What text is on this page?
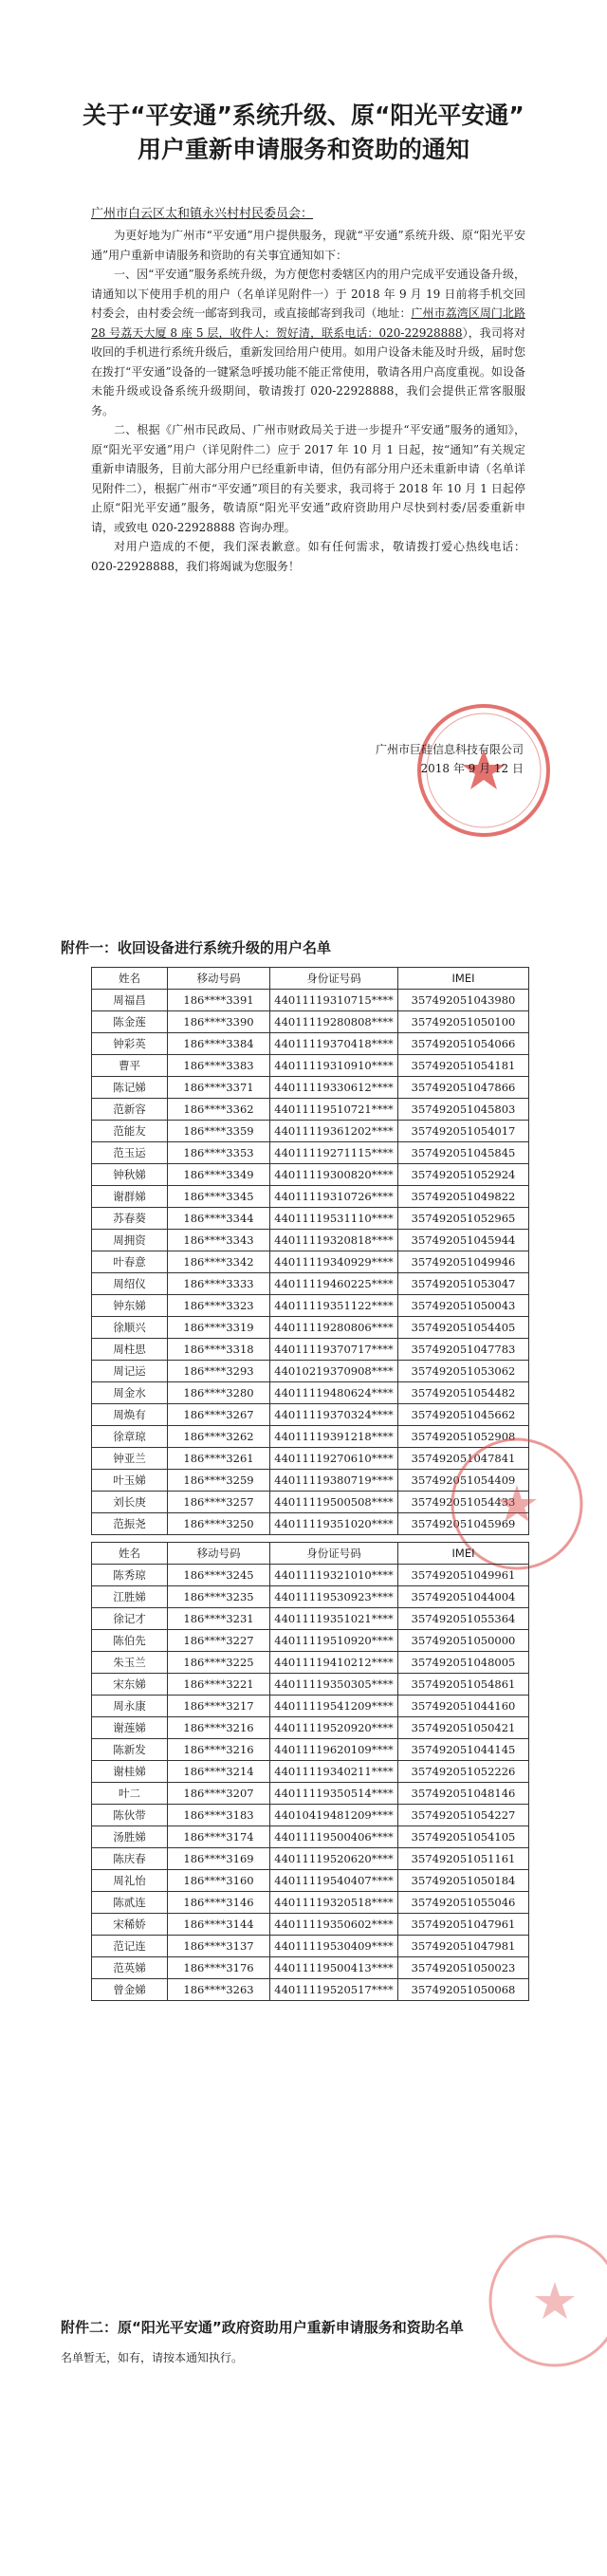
关于“平安通”系统升级、原“阳光平安通”
用户重新申请服务和资助的通知
广州市白云区太和镇永兴村村民委员会：

为更好地为广州市“平安通”用户提供服务，现就“平安通”系统升级、原“阳光平安通”用户重新申请服务和资助的有关事宜通知如下：

一、因“平安通”服务系统升级，为方便您村委辖区内的用户完成平安通设备升级，请通知以下使用手机的用户（名单详见附件一）于 2018 年 9 月 19 日前将手机交回村委会，由村委会统一邮寄到我司，或直接邮寄到我司（地址：广州市荔湾区周门北路 28 号荔天大厦 8 座 5 层，收件人：贺好清，联系电话：020-22928888），我司将对收回的手机进行系统升级后，重新发回给用户使用。如用户设备未能及时升级，届时您在拨打“平安通”设备的一键紧急呼援功能不能正常使用，敬请各用户高度重视。如设备未能升级或设备系统升级期间，敬请拨打 020-22928888，我们会提供正常客服服务。

二、根据《广州市民政局、广州市财政局关于进一步提升“平安通”服务的通知》，原“阳光平安通”用户（详见附件二）应于 2017 年 10 月 1 日起，按“通知”有关规定重新申请服务，目前大部分用户已经重新申请，但仍有部分用户还未重新申请（名单详见附件二），根据广州市“平安通”项目的有关要求，我司将于 2018 年 10 月 1 日起停止原“阳光平安通”服务，敬请原“阳光平安通”政府资助用户尽快到村委/居委重新申请，或致电 020-22928888 咨询办理。

对用户造成的不便，我们深表歉意。如有任何需求，敬请拨打爱心热线电话：020-22928888，我们将竭诚为您服务！

广州市巨硅信息科技有限公司
2018 年 9 月 12 日
附件一：收回设备进行系统升级的用户名单
姓名	移动号码	身份证号码	IMEI
周福昌	186****3391	44011119310715****	357492051043980
陈金莲	186****3390	44011119280808****	357492051050100
钟彩英	186****3384	44011119370418****	357492051054066
曹平	186****3383	44011119310910****	357492051054181
陈记娣	186****3371	44011119330612****	357492051047866
范新容	186****3362	44011119510721****	357492051045803
范能友	186****3359	44011119361202****	357492051054017
范玉运	186****3353	44011119271115****	357492051045845
钟秋娣	186****3349	44011119300820****	357492051052924
谢群娣	186****3345	44011119310726****	357492051049822
苏春葵	186****3344	44011119531110****	357492051052965
周拥资	186****3343	44011119320818****	357492051045944
叶春意	186****3342	44011119340929****	357492051049946
周绍仪	186****3333	44011119460225****	357492051053047
钟东娣	186****3323	44011119351122****	357492051050043
徐顺兴	186****3319	44011119280806****	357492051054405
周柱思	186****3318	44011119370717****	357492051047783
周记运	186****3293	44010219370908****	357492051053062
周金水	186****3280	44011119480624****	357492051054482
周焕有	186****3267	44011119370324****	357492051045662
徐章琼	186****3262	44011119391218****	357492051052908
钟亚兰	186****3261	44011119270610****	357492051047841
叶玉娣	186****3259	44011119380719****	357492051054409
刘长庚	186****3257	44011119500508****	357492051054433
范振尧	186****3250	44011119351020****	357492051045969
姓名	移动号码	身份证号码	IMEI
陈秀琼	186****3245	44011119321010****	357492051049961
江胜娣	186****3235	44011119530923****	357492051044004
徐记才	186****3231	44011119351021****	357492051055364
陈伯先	186****3227	44011119510920****	357492051050000
朱玉兰	186****3225	44011119410212****	357492051048005
宋东娣	186****3221	44011119350305****	357492051054861
周永康	186****3217	44011119541209****	357492051044160
谢莲娣	186****3216	44011119520920****	357492051050421
陈新发	186****3216	44011119620109****	357492051044145
谢桂娣	186****3214	44011119340211****	357492051052226
叶二	186****3207	44011119350514****	357492051048146
陈伙带	186****3183	44010419481209****	357492051054227
汤胜娣	186****3174	44011119500406****	357492051054105
陈庆春	186****3169	44011119520620****	357492051051161
周礼怡	186****3160	44011119540407****	357492051050184
陈贰连	186****3146	44011119320518****	357492051055046
宋稀娇	186****3144	44011119350602****	357492051047961
范记连	186****3137	44011119530409****	357492051047981
范英娣	186****3176	44011119500413****	357492051050023
曾金娣	186****3263	44011119520517****	357492051050068
附件二：原“阳光平安通”政府资助用户重新申请服务和资助名单
名单暂无，如有，请按本通知执行。
